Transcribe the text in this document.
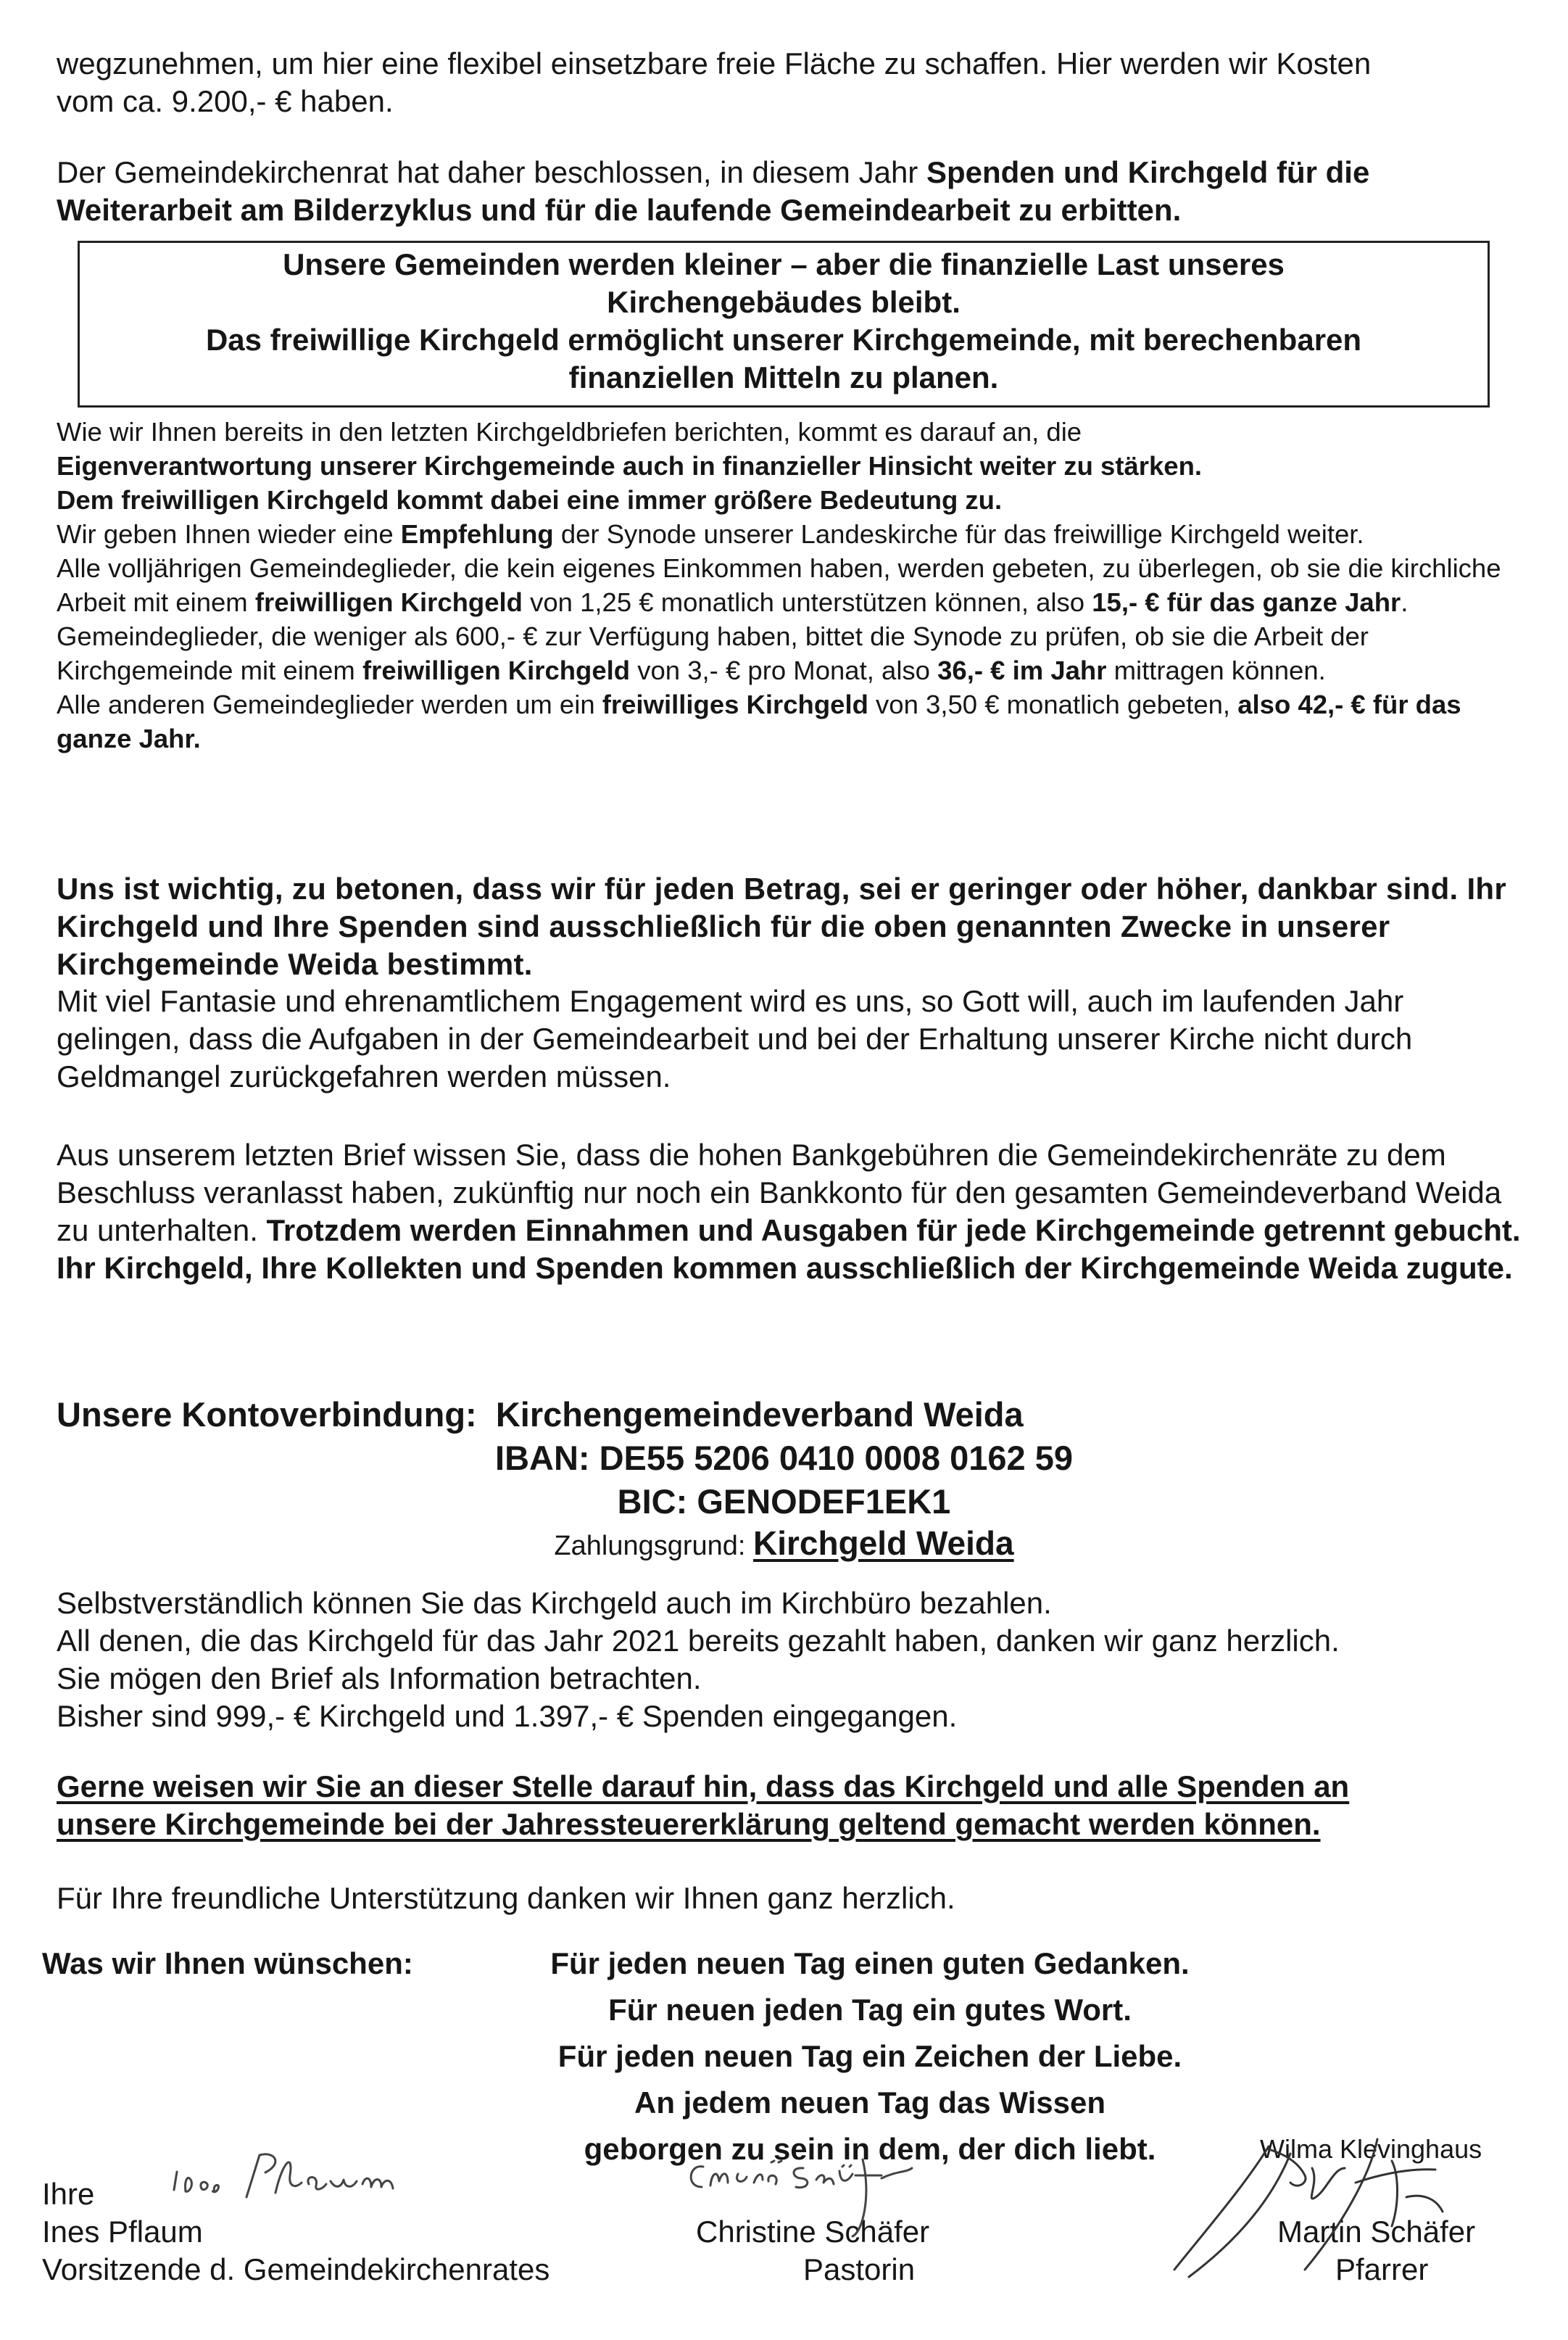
wegzunehmen, um hier eine flexibel einsetzbare freie Fläche zu schaffen. Hier werden wir Kosten
vom ca. 9.200,- € haben.
Der Gemeindekirchenrat hat daher beschlossen, in diesem Jahr Spenden und Kirchgeld für die Weiterarbeit am Bilderzyklus und für die laufende Gemeindearbeit zu erbitten.
Unsere Gemeinden werden kleiner – aber die finanzielle Last unseres
Kirchengebäudes bleibt.
Das freiwillige Kirchgeld ermöglicht unserer Kirchgemeinde, mit berechenbaren
finanziellen Mitteln zu planen.

Wie wir Ihnen bereits in den letzten Kirchgeldbriefen berichten, kommt es darauf an, die
Eigenverantwortung unserer Kirchgemeinde auch in finanzieller Hinsicht weiter zu stärken.
Dem freiwilligen Kirchgeld kommt dabei eine immer größere Bedeutung zu.

Wir geben Ihnen wieder eine Empfehlung der Synode unserer Landeskirche für das freiwillige Kirchgeld weiter.

Alle volljährigen Gemeindeglieder, die kein eigenes Einkommen haben, werden gebeten, zu überlegen, ob sie die kirchliche Arbeit mit einem freiwilligen Kirchgeld von 1,25 € monatlich unterstützen können, also 15,- € für das ganze Jahr.

Gemeindeglieder, die weniger als 600,- € zur Verfügung haben, bittet die Synode zu prüfen, ob sie die Arbeit der Kirchgemeinde mit einem freiwilligen Kirchgeld von 3,- € pro Monat, also 36,- € im Jahr mittragen können.

Alle anderen Gemeindeglieder werden um ein freiwilliges Kirchgeld von 3,50 € monatlich gebeten, also 42,- € für das ganze Jahr.

Uns ist wichtig, zu betonen, dass wir für jeden Betrag, sei er geringer oder höher, dankbar sind. Ihr Kirchgeld und Ihre Spenden sind ausschließlich für die oben genannten Zwecke in unserer Kirchgemeinde Weida bestimmt.
Mit viel Fantasie und ehrenamtlichem Engagement wird es uns, so Gott will, auch im laufenden Jahr gelingen, dass die Aufgaben in der Gemeindearbeit und bei der Erhaltung unserer Kirche nicht durch Geldmangel zurückgefahren werden müssen.
Aus unserem letzten Brief wissen Sie, dass die hohen Bankgebühren die Gemeindekirchenräte zu dem Beschluss veranlasst haben, zukünftig nur noch ein Bankkonto für den gesamten Gemeindeverband Weida zu unterhalten. Trotzdem werden Einnahmen und Ausgaben für jede Kirchgemeinde getrennt gebucht.
Ihr Kirchgeld, Ihre Kollekten und Spenden kommen ausschließlich der Kirchgemeinde Weida zugute.
Unsere Kontoverbindung: Kirchengemeindeverband Weida
IBAN: DE55 5206 0410 0008 0162 59
BIC: GENODEF1EK1
Zahlungsgrund: Kirchgeld Weida
Selbstverständlich können Sie das Kirchgeld auch im Kirchbüro bezahlen.
All denen, die das Kirchgeld für das Jahr 2021 bereits gezahlt haben, danken wir ganz herzlich.
Sie mögen den Brief als Information betrachten.
Bisher sind 999,- € Kirchgeld und 1.397,- € Spenden eingegangen.
Gerne weisen wir Sie an dieser Stelle darauf hin, dass das Kirchgeld und alle Spenden an
unsere Kirchgemeinde bei der Jahressteuererklärung geltend gemacht werden können.
Für Ihre freundliche Unterstützung danken wir Ihnen ganz herzlich.
Was wir Ihnen wünschen:	Für jeden neuen Tag einen guten Gedanken.
Für neuen jeden Tag ein gutes Wort.
Für jeden neuen Tag ein Zeichen der Liebe.
An jedem neuen Tag das Wissen
geborgen zu sein in dem, der dich liebt.
Ihre
Ines Pflaum
Vorsitzende d. Gemeindekirchenrates
Christine Schäfer
Pastorin
Wilma Klevinghaus
Martin Schäfer
Pfarrer
